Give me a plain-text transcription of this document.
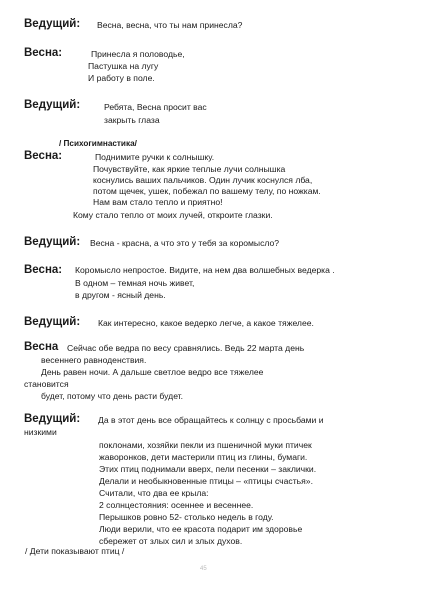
Ведущий: Весна, весна, что ты нам принесла?
Весна:	Принесла я половодье,
Пастушка на лугу
И работу в поле.
Ведущий:	Ребята, Весна просит вас
закрыть глаза
/ Психогимнастика/
Весна:	Поднимите ручки к солнышку.
Почувствуйте, как яркие теплые лучи солнышка
коснулись ваших пальчиков. Один лучик коснулся лба,
потом щечек, ушек, побежал по вашему телу, по ножкам.
Нам вам стало тепло и приятно!
Кому стало тепло от моих лучей, откроите глазки.
Ведущий: Весна - красна, а что это у тебя за коромысло?
Весна: Коромысло непростое. Видите, на нем два волшебных ведерка .
В одном – темная ночь живет,
в другом - ясный день.
Ведущий: Как интересно, какое ведерко легче, а какое тяжелее.
Весна Сейчас обе ведра по весу сравнялись. Ведь 22 марта день
весеннего равноденствия.
День равен ночи. А дальше светлое ведро все тяжелее
становится
будет, потому что день расти будет.
Ведущий: Да в этот день все обращайтесь к солнцу с просьбами и
низкими
поклонами, хозяйки пекли из пшеничной муки птичек
жаворонков, дети мастерили птиц из глины, бумаги.
Этих птиц поднимали вверх, пели песенки – заклички.
Делали и необыкновенные птицы – «птицы счастья».
Считали, что два ее крыла:
2 солнцестояния: осеннее и весеннее.
Перышков ровно 52- столько недель в году.
Люди верили, что ее красота подарит им здоровье
сбережет от злых сил и злых духов.
/ Дети показывают птиц /
45
